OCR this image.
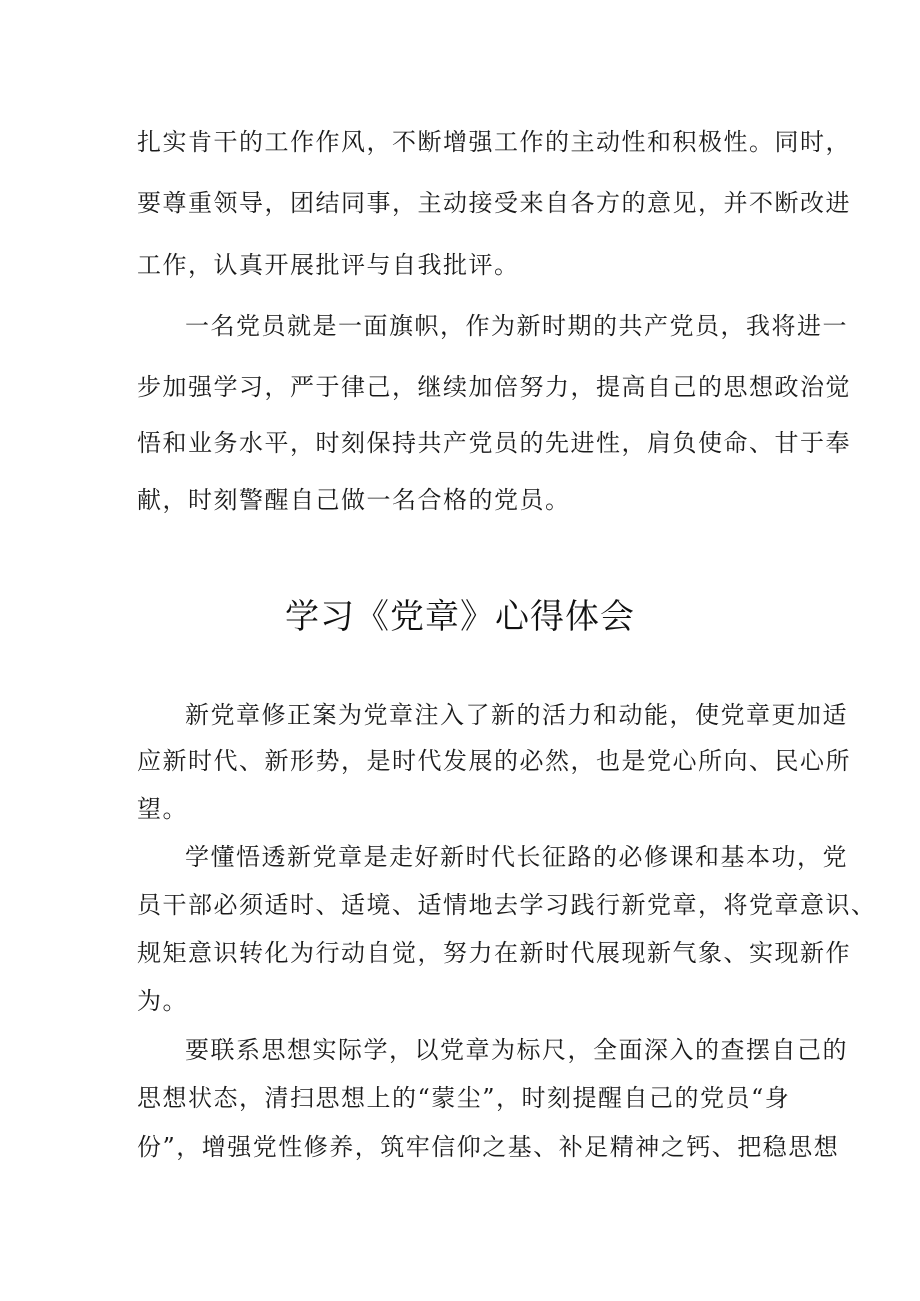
扎实肯干的工作作风，不断增强工作的主动性和积极性。同时，
要尊重领导，团结同事，主动接受来自各方的意见，并不断改进
工作，认真开展批评与自我批评。
一名党员就是一面旗帜，作为新时期的共产党员，我将进一
步加强学习，严于律己，继续加倍努力，提高自己的思想政治觉
悟和业务水平，时刻保持共产党员的先进性，肩负使命、甘于奉
献，时刻警醒自己做一名合格的党员。
学习《党章》心得体会
新党章修正案为党章注入了新的活力和动能，使党章更加适
应新时代、新形势，是时代发展的必然，也是党心所向、民心所
望。
学懂悟透新党章是走好新时代长征路的必修课和基本功，党
员干部必须适时、适境、适情地去学习践行新党章，将党章意识、
规矩意识转化为行动自觉，努力在新时代展现新气象、实现新作
为。
要联系思想实际学，以党章为标尺，全面深入的查摆自己的
思想状态，清扫思想上的“蒙尘”，时刻提醒自己的党员“身
份”，增强党性修养，筑牢信仰之基、补足精神之钙、把稳思想
